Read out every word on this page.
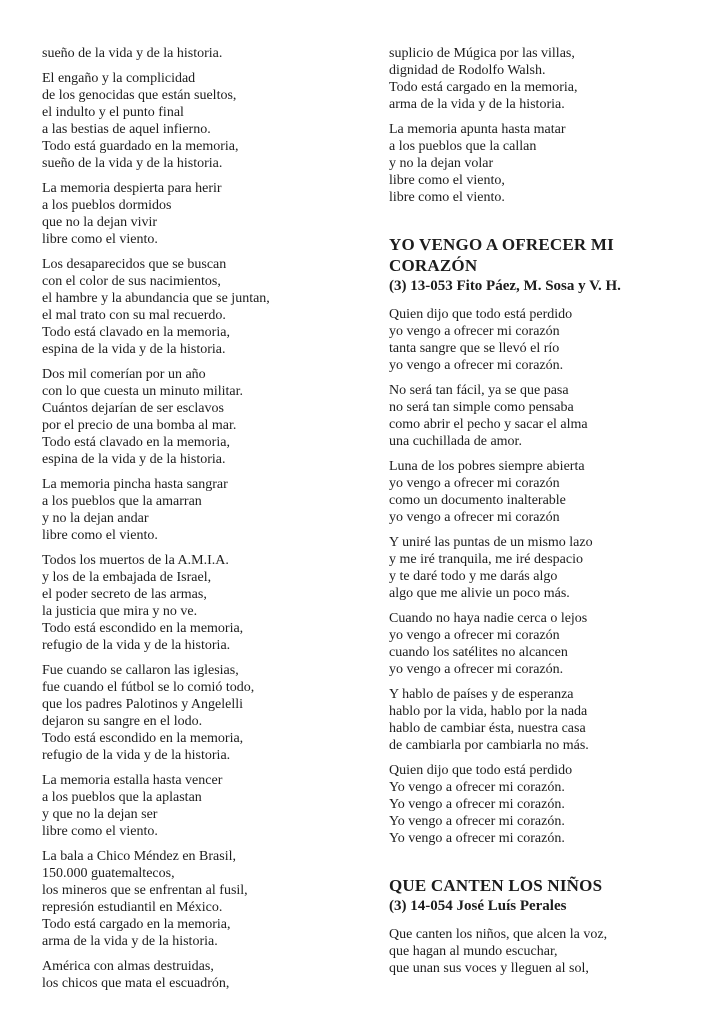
sueño de la vida y de la historia.
El engaño y la complicidad
de los genocidas que están sueltos,
el indulto y el punto final
a las bestias de aquel infierno.
Todo está guardado en la memoria,
sueño de la vida y de la historia.
La memoria despierta para herir
a los pueblos dormidos
que no la dejan vivir
libre como el viento.
Los desaparecidos que se buscan
con el color de sus nacimientos,
el hambre y la abundancia que se juntan,
el mal trato con su mal recuerdo.
Todo está clavado en la memoria,
espina de la vida y de la historia.
Dos mil comerían por un año
con lo que cuesta un minuto militar.
Cuántos dejarían de ser esclavos
por el precio de una bomba al mar.
Todo está clavado en la memoria,
espina de la vida y de la historia.
La memoria pincha hasta sangrar
a los pueblos que la amarran
y no la dejan andar
libre como el viento.
Todos los muertos de la A.M.I.A.
y los de la embajada de Israel,
el poder secreto de las armas,
la justicia que mira y no ve.
Todo está escondido en la memoria,
refugio de la vida y de la historia.
Fue cuando se callaron las iglesias,
fue cuando el fútbol se lo comió todo,
que los padres Palotinos y Angelelli
dejaron su sangre en el lodo.
Todo está escondido en la memoria,
refugio de la vida y de la historia.
La memoria estalla hasta vencer
a los pueblos que la aplastan
y que no la dejan ser
libre como el viento.
La bala a Chico Méndez en Brasil,
150.000 guatemaltecos,
los mineros que se enfrentan al fusil,
represión estudiantil en México.
Todo está cargado en la memoria,
arma de la vida y de la historia.
América con almas destruidas,
los chicos que mata el escuadrón,
suplicio de Múgica por las villas,
dignidad de Rodolfo Walsh.
Todo está cargado en la memoria,
arma de la vida y de la historia.
La memoria apunta hasta matar
a los pueblos que la callan
y no la dejan volar
libre como el viento,
libre como el viento.
YO VENGO A OFRECER MI CORAZÓN

(3) 13-053 Fito Páez, M. Sosa y V. H.

Quien dijo que todo está perdido
yo vengo a ofrecer mi corazón
tanta sangre que se llevó el río
yo vengo a ofrecer mi corazón.
No será tan fácil, ya se que pasa
no será tan simple como pensaba
como abrir el pecho y sacar el alma
una cuchillada de amor.
Luna de los pobres siempre abierta
yo vengo a ofrecer mi corazón
como un documento inalterable
yo vengo a ofrecer mi corazón
Y uniré las puntas de un mismo lazo
y me iré tranquila, me iré despacio
y te daré todo y me darás algo
algo que me alivie un poco más.
Cuando no haya nadie cerca o lejos
yo vengo a ofrecer mi corazón
cuando los satélites no alcancen
yo vengo a ofrecer mi corazón.
Y hablo de países y de esperanza
hablo por la vida, hablo por la nada
hablo de cambiar ésta, nuestra casa
de cambiarla por cambiarla no más.
Quien dijo que todo está perdido
Yo vengo a ofrecer mi corazón.
Yo vengo a ofrecer mi corazón.
Yo vengo a ofrecer mi corazón.
Yo vengo a ofrecer mi corazón.
QUE CANTEN LOS NIÑOS

(3) 14-054 José Luís Perales

Que canten los niños, que alcen la voz,
que hagan al mundo escuchar,
que unan sus voces y lleguen al sol,
